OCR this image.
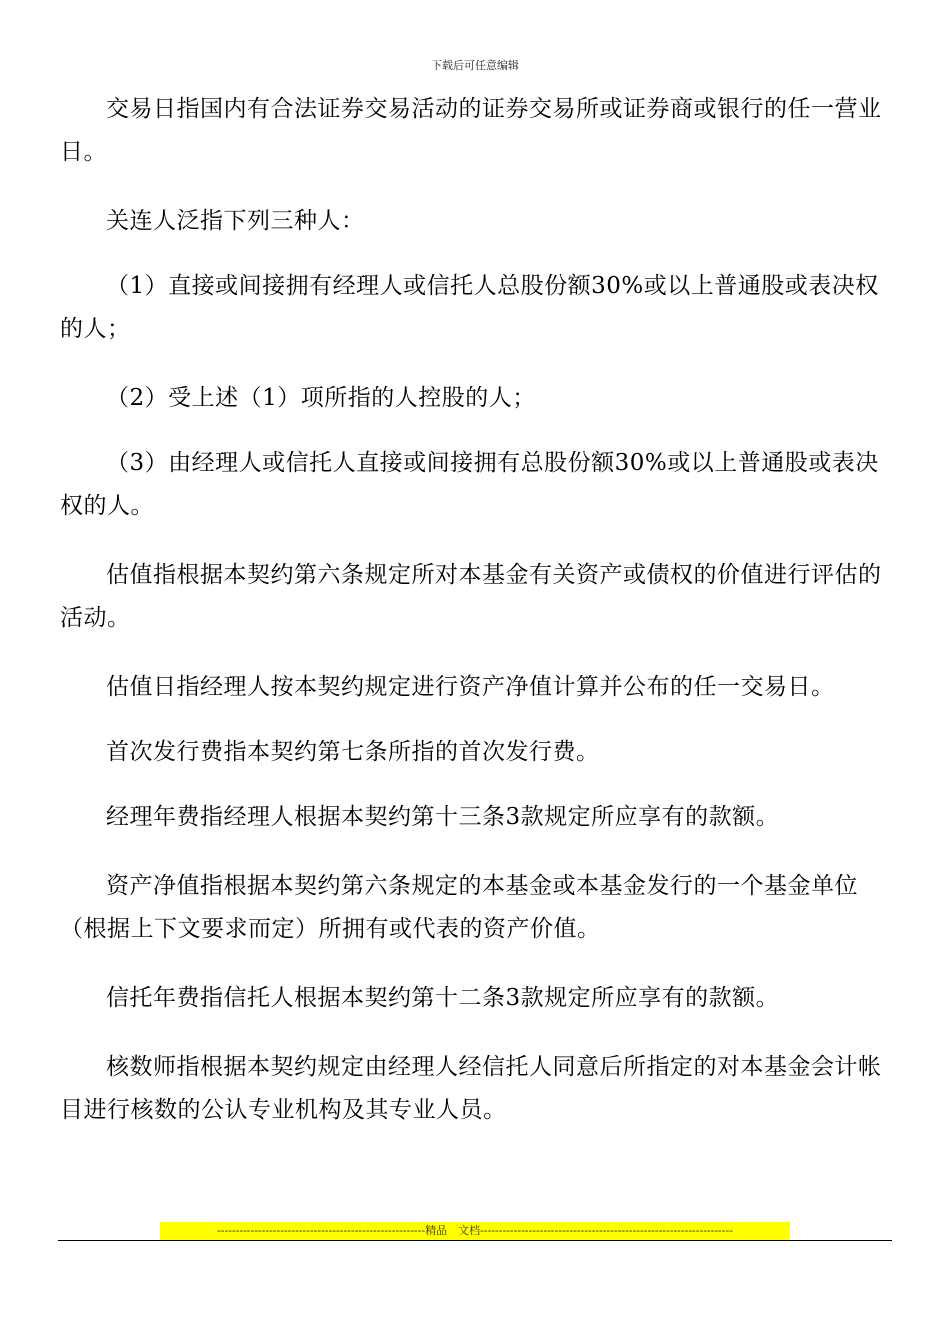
下载后可任意编辑

交易日指国内有合法证券交易活动的证券交易所或证券商或银行的任一营业日。

关连人泛指下列三种人：

（1）直接或间接拥有经理人或信托人总股份额30%或以上普通股或表决权的人；

（2）受上述（1）项所指的人控股的人；

（3）由经理人或信托人直接或间接拥有总股份额30%或以上普通股或表决权的人。

估值指根据本契约第六条规定所对本基金有关资产或债权的价值进行评估的活动。

估值日指经理人按本契约规定进行资产净值计算并公布的任一交易日。

首次发行费指本契约第七条所指的首次发行费。

经理年费指经理人根据本契约第十三条3款规定所应享有的款额。

资产净值指根据本契约第六条规定的本基金或本基金发行的一个基金单位（根据上下文要求而定）所拥有或代表的资产价值。

信托年费指信托人根据本契约第十二条3款规定所应享有的款额。

核数师指根据本契约规定由经理人经信托人同意后所指定的对本基金会计帐目进行核数的公认专业机构及其专业人员。

--------------------------------------------------------精品　文档--------------------------------------------------------------------
